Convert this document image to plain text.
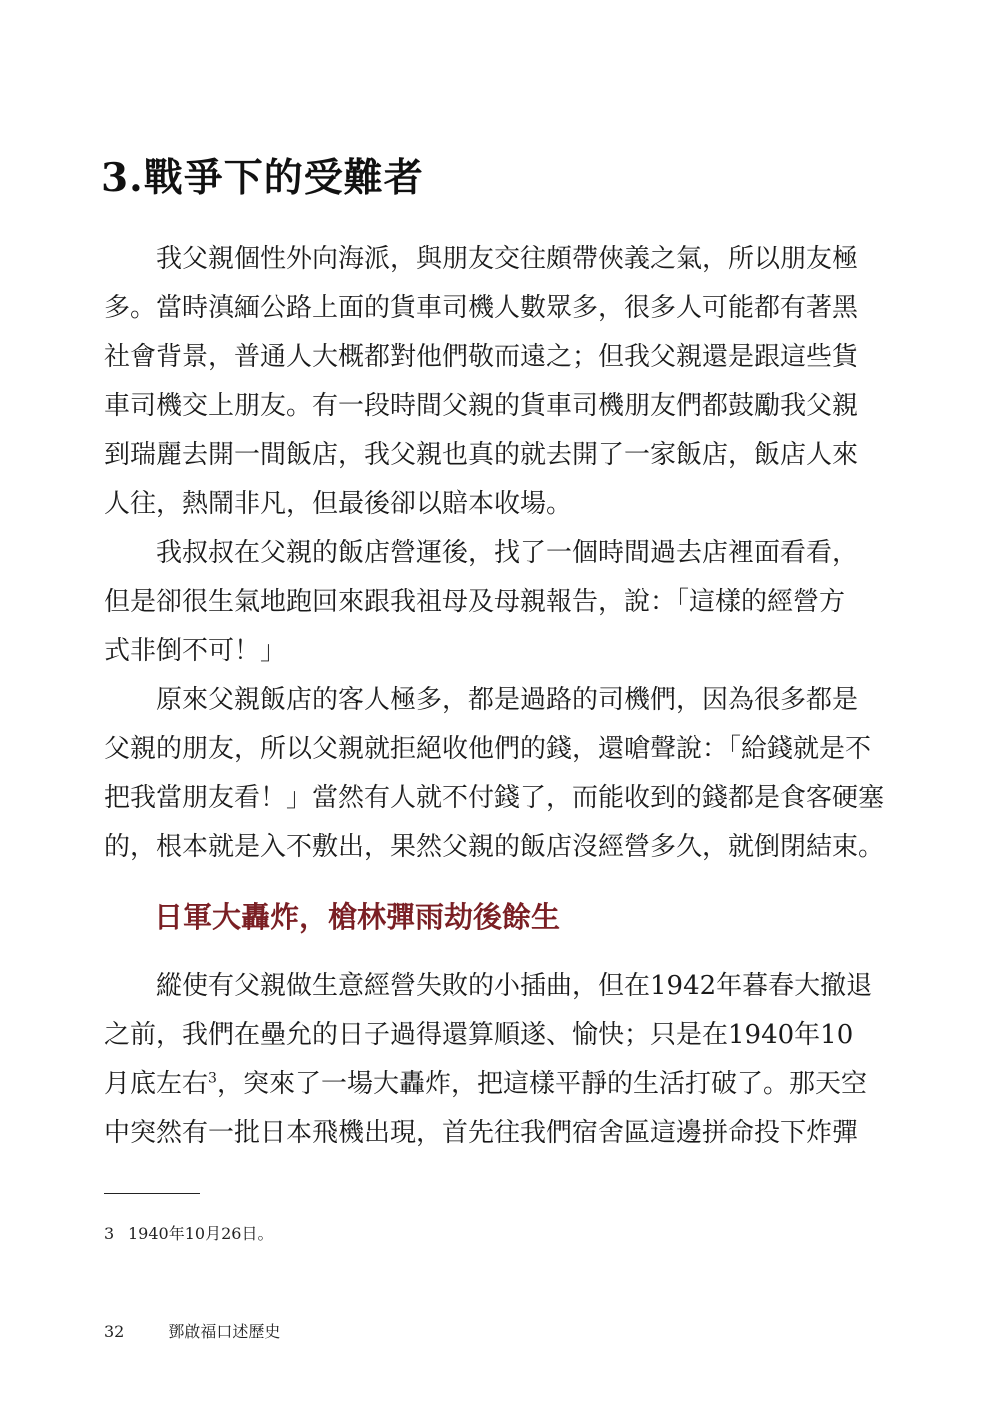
3.戰爭下的受難者
我父親個性外向海派，與朋友交往頗帶俠義之氣，所以朋友極
多。當時滇緬公路上面的貨車司機人數眾多，很多人可能都有著黑
社會背景，普通人大概都對他們敬而遠之；但我父親還是跟這些貨
車司機交上朋友。有一段時間父親的貨車司機朋友們都鼓勵我父親
到瑞麗去開一間飯店，我父親也真的就去開了一家飯店，飯店人來
人往，熱鬧非凡，但最後卻以賠本收場。
我叔叔在父親的飯店營運後，找了一個時間過去店裡面看看，
但是卻很生氣地跑回來跟我祖母及母親報告，說：「這樣的經營方
式非倒不可！」
原來父親飯店的客人極多，都是過路的司機們，因為很多都是
父親的朋友，所以父親就拒絕收他們的錢，還嗆聲說：「給錢就是不
把我當朋友看！」當然有人就不付錢了，而能收到的錢都是食客硬塞
的，根本就是入不敷出，果然父親的飯店沒經營多久，就倒閉結束。
日軍大轟炸，槍林彈雨劫後餘生
縱使有父親做生意經營失敗的小插曲，但在1942年暮春大撤退
之前，我們在壘允的日子過得還算順遂、愉快；只是在1940年10
月底左右$^3$，突來了一場大轟炸，把這樣平靜的生活打破了。那天空
中突然有一批日本飛機出現，首先往我們宿舍區這邊拼命投下炸彈
3 1940年10月26日。
32	鄧啟福口述歷史
